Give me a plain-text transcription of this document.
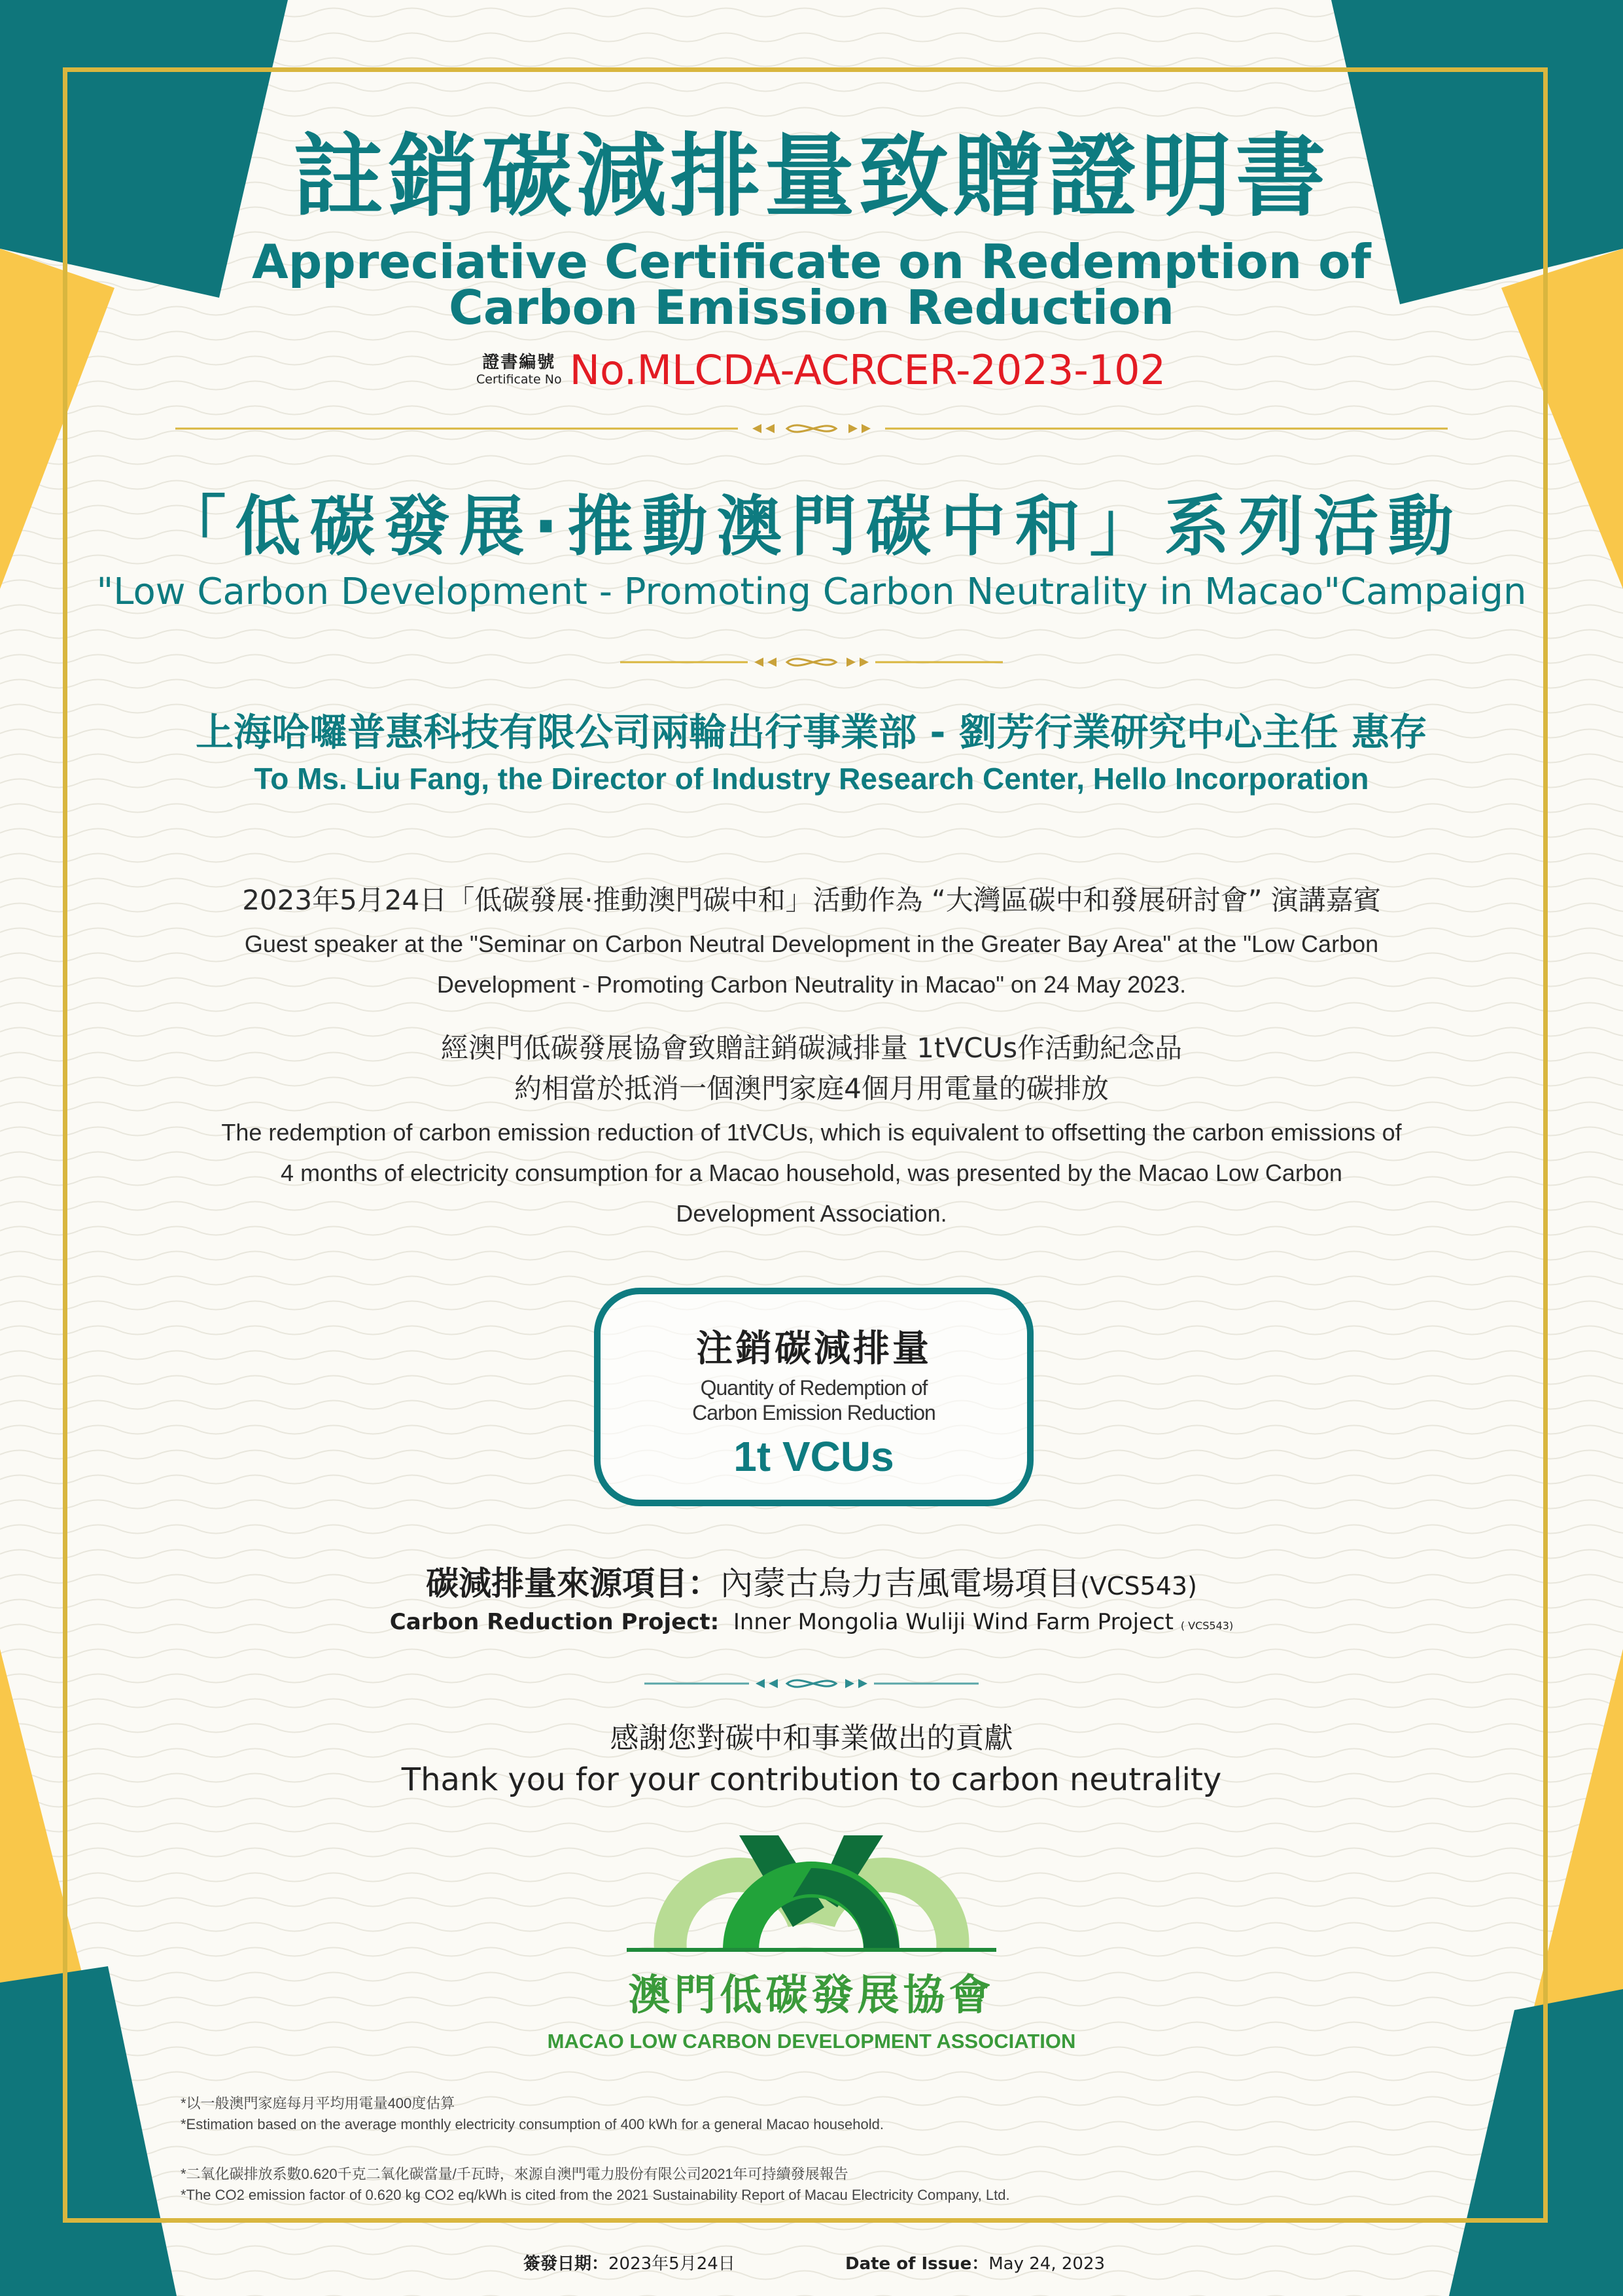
註銷碳減排量致贈證明書
Appreciative Certificate on Redemption of
Carbon Emission Reduction
證書編號
Certificate No No.MLCDA-ACRCER-2023-102
「低碳發展·推動澳門碳中和」系列活動
"Low Carbon Development - Promoting Carbon Neutrality in Macao"Campaign
上海哈囉普惠科技有限公司兩輪出行事業部 - 劉芳行業研究中心主任 惠存
To Ms. Liu Fang, the Director of Industry Research Center, Hello Incorporation
2023年5月24日「低碳發展·推動澳門碳中和」活動作為 “大灣區碳中和發展研討會” 演講嘉賓
Guest speaker at the "Seminar on Carbon Neutral Development in the Greater Bay Area" at the "Low Carbon
Development - Promoting Carbon Neutrality in Macao" on 24 May 2023.
經澳門低碳發展協會致贈註銷碳減排量 1tVCUs作活動紀念品
約相當於抵消一個澳門家庭4個月用電量的碳排放
The redemption of carbon emission reduction of 1tVCUs, which is equivalent to offsetting the carbon emissions of
4 months of electricity consumption for a Macao household, was presented by the Macao Low Carbon
Development Association.
注銷碳減排量
Quantity of Redemption of
Carbon Emission Reduction
1t VCUs
碳減排量來源項目：內蒙古烏力吉風電場項目(VCS543)
Carbon Reduction Project: Inner Mongolia Wuliji Wind Farm Project ( VCS543)
感謝您對碳中和事業做出的貢獻
Thank you for your contribution to carbon neutrality
澳門低碳發展協會
MACAO LOW CARBON DEVELOPMENT ASSOCIATION
*以一般澳門家庭每月平均用電量400度估算
*Estimation based on the average monthly electricity consumption of 400 kWh for a general Macao household.
*二氧化碳排放系數0.620千克二氧化碳當量/千瓦時，來源自澳門電力股份有限公司2021年可持續發展報告
*The CO2 emission factor of 0.620 kg CO2 eq/kWh is cited from the 2021 Sustainability Report of Macau Electricity Company, Ltd.
簽發日期：2023年5月24日	Date of Issue：May 24, 2023
